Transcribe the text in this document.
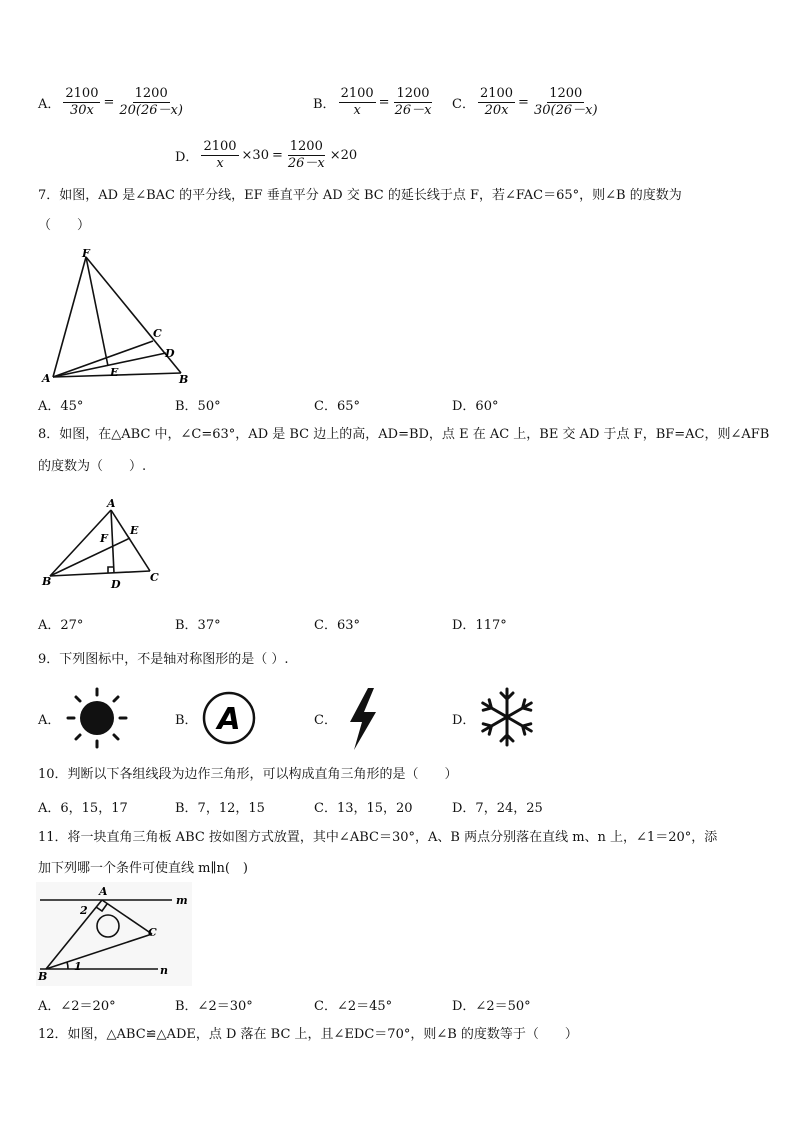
A． $\frac{2100}{30x} = \frac{1200}{20(26-x)}$	B． $\frac{2100}{x} = \frac{1200}{26-x}$ C． $\frac{2100}{20x} = \frac{1200}{30(26-x)}$
D． $\frac{2100}{x} \times 30 = \frac{1200}{26-x} \times 20$
7．如图，AD 是∠BAC 的平分线，EF 垂直平分 AD 交 BC 的延长线于点 F，若∠FAC＝65°，则∠B 的度数为
（　　）
F
C
D
A	E
B
A．45°	B．50°	C．65°	D．60°
8．如图，在△ABC 中，∠C=63°，AD 是 BC 边上的高，AD=BD，点 E 在 AC 上，BE 交 AD 于点 F，BF=AC，则∠AFB
的度数为（　　）.
A
E
F
B	D
C
A．27°	B．37°	C．63°	D．117°
9．下列图标中，不是轴对称图形的是（ ）.
A．	B． A	C．	D．
10．判断以下各组线段为边作三角形，可以构成直角三角形的是（　　）
A．6，15，17	B．7，12，15	C．13，15，20	D．7，24，25
11．将一块直角三角板 ABC 按如图方式放置，其中∠ABC＝30°，A、B 两点分别落在直线 m、n 上，∠1＝20°，添
加下列哪一个条件可使直线 m∥n(　)
A
m
2
C
B
1	n
A．∠2＝20°	B．∠2＝30°	C．∠2＝45°	D．∠2＝50°
12．如图，△ABC≌△ADE，点 D 落在 BC 上，且∠EDC＝70°，则∠B 的度数等于（　　）
